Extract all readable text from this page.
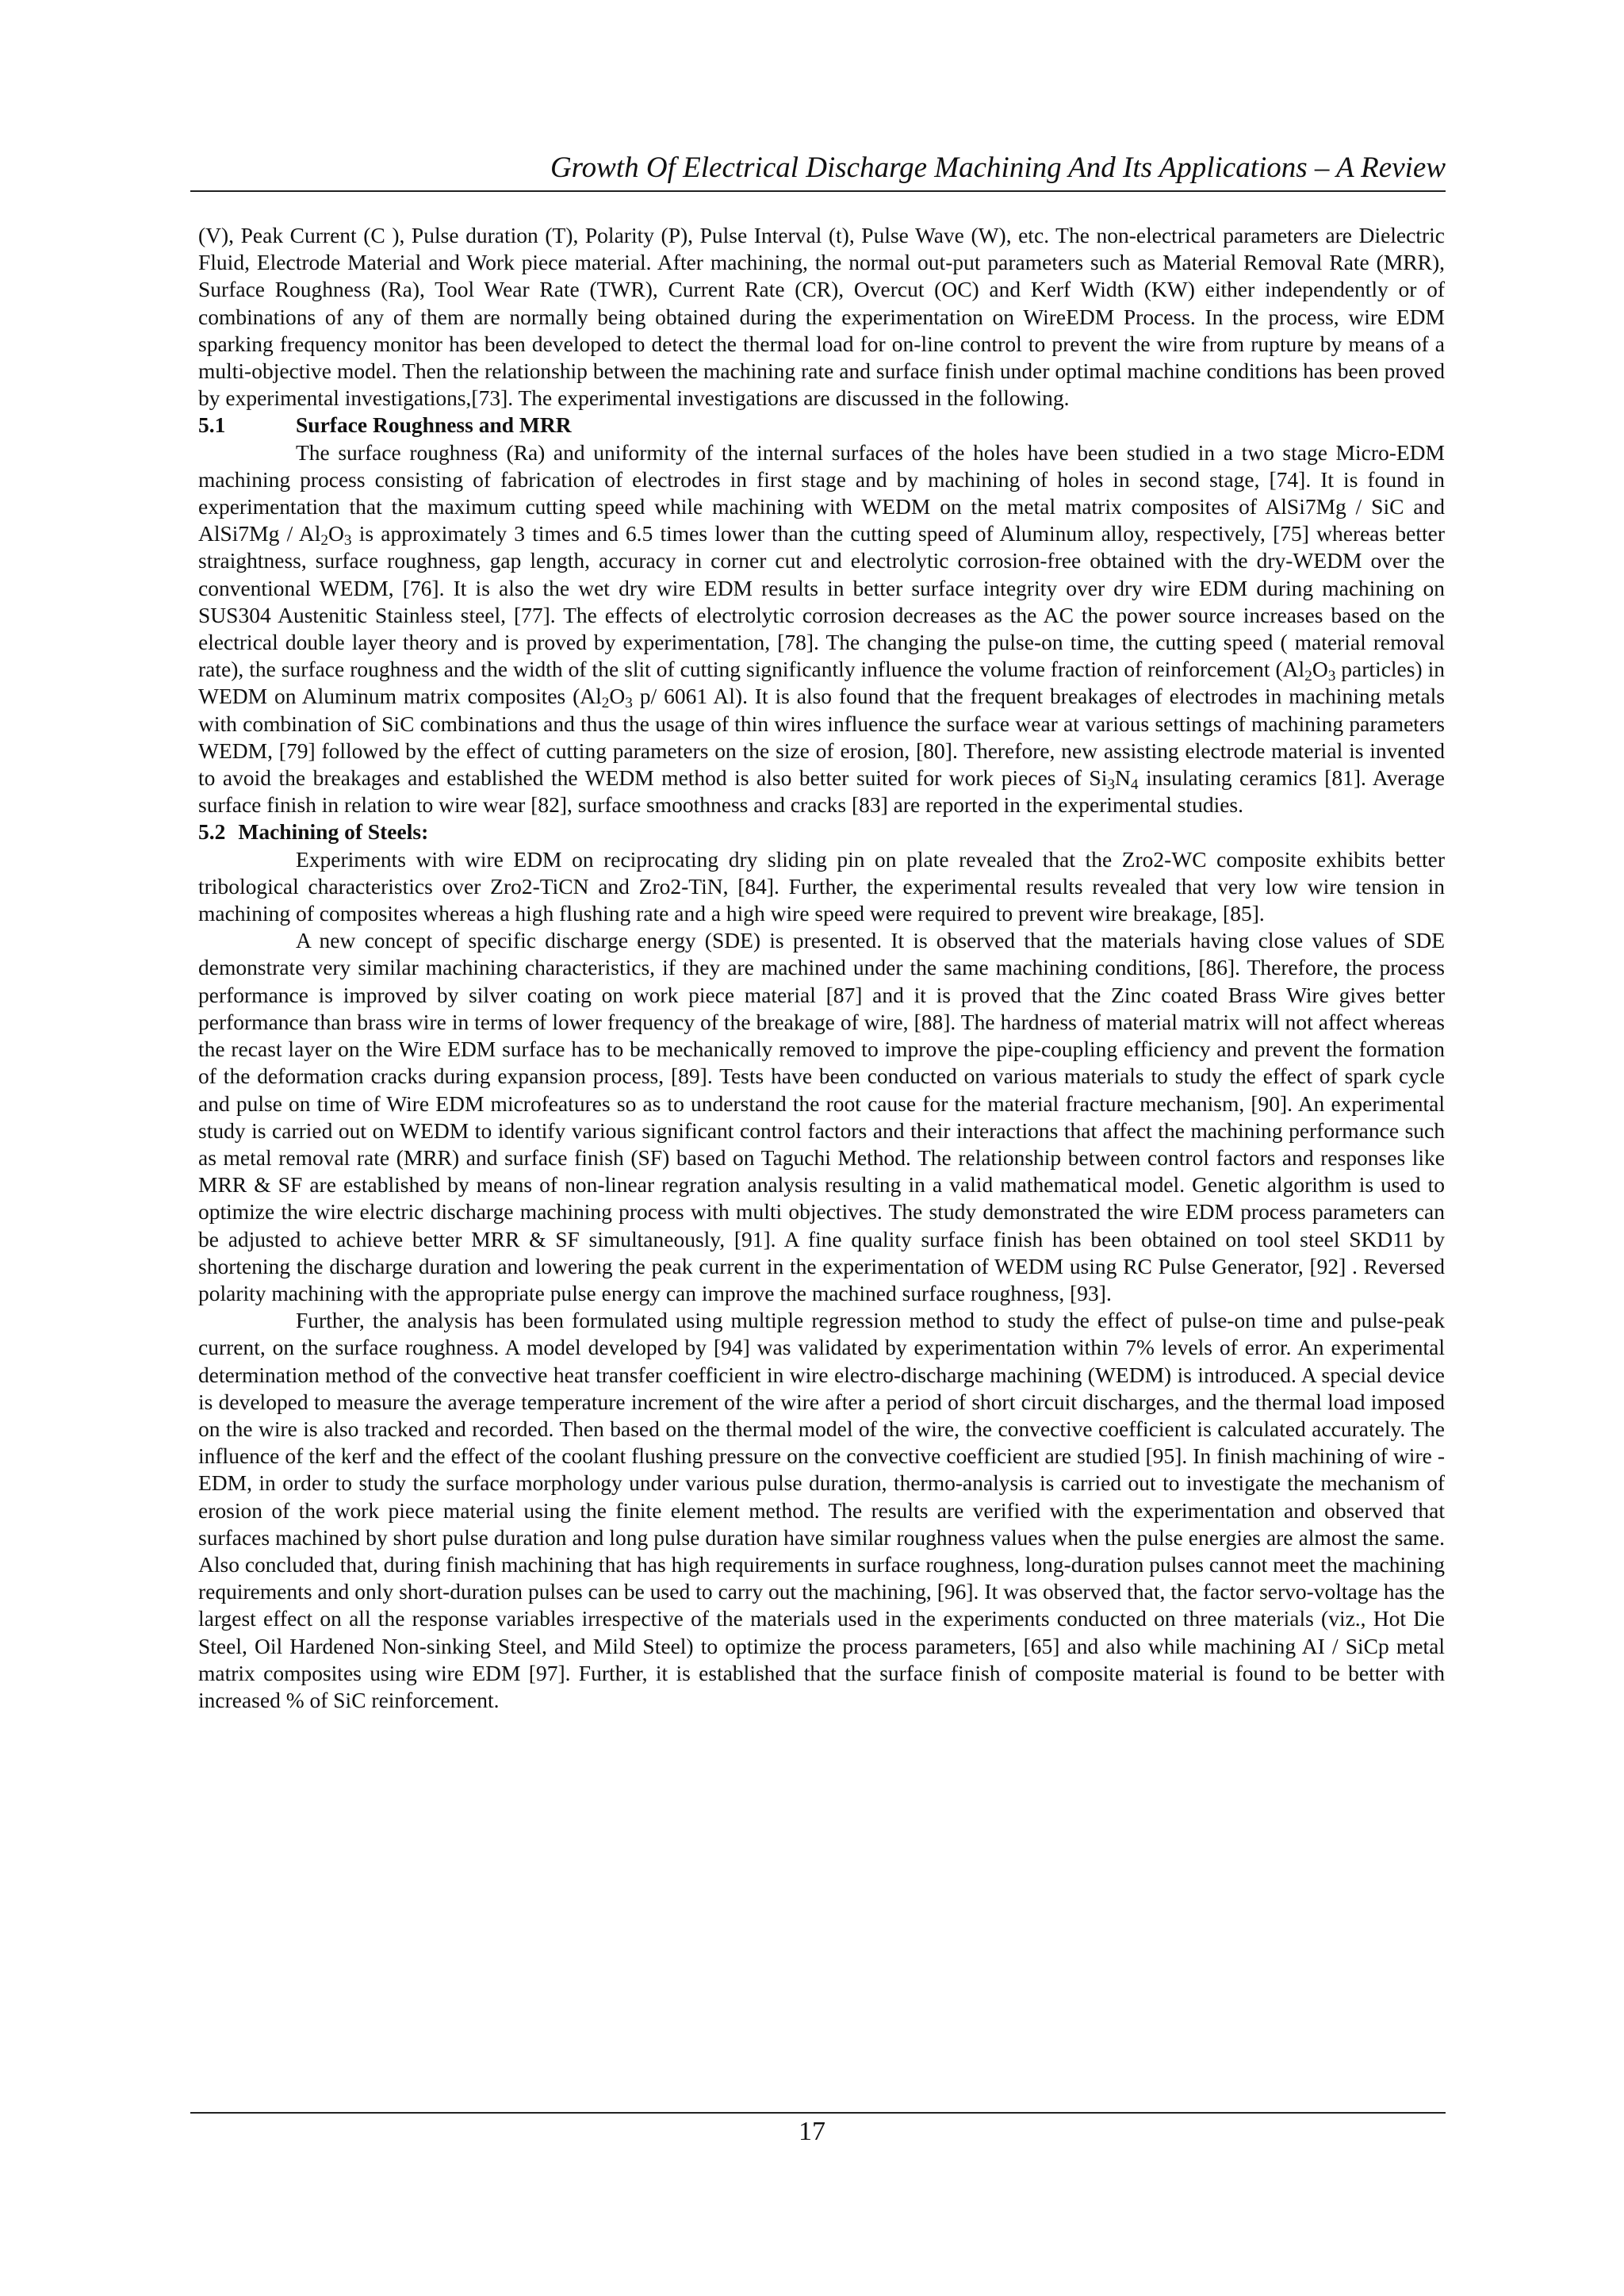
Growth Of Electrical Discharge Machining And Its Applications – A Review

(V), Peak Current (C ), Pulse duration (T), Polarity (P), Pulse Interval (t), Pulse Wave (W), etc. The non-electrical parameters are Dielectric Fluid, Electrode Material and Work piece material. After machining, the normal out-put parameters such as Material Removal Rate (MRR), Surface Roughness (Ra), Tool Wear Rate (TWR), Current Rate (CR), Overcut (OC) and Kerf Width (KW) either independently or of combinations of any of them are normally being obtained during the experimentation on WireEDM Process. In the process, wire EDM sparking frequency monitor has been developed to detect the thermal load for on-line control to prevent the wire from rupture by means of a multi-objective model. Then the relationship between the machining rate and surface finish under optimal machine conditions has been proved by experimental investigations,[73]. The experimental investigations are discussed in the following.

5.1	Surface Roughness and MRR

The surface roughness (Ra) and uniformity of the internal surfaces of the holes have been studied in a two stage Micro-EDM machining process consisting of fabrication of electrodes in first stage and by machining of holes in second stage, [74]. It is found in experimentation that the maximum cutting speed while machining with WEDM on the metal matrix composites of AlSi7Mg / SiC and AlSi7Mg / $Al_2O_3$ is approximately 3 times and 6.5 times lower than the cutting speed of Aluminum alloy, respectively, [75] whereas better straightness, surface roughness, gap length, accuracy in corner cut and electrolytic corrosion-free obtained with the dry-WEDM over the conventional WEDM, [76]. It is also the wet dry wire EDM results in better surface integrity over dry wire EDM during machining on SUS304 Austenitic Stainless steel, [77]. The effects of electrolytic corrosion decreases as the AC the power source increases based on the electrical double layer theory and is proved by experimentation, [78]. The changing the pulse-on time, the cutting speed ( material removal rate), the surface roughness and the width of the slit of cutting significantly influence the volume fraction of reinforcement ($Al_2O_3$ particles) in WEDM on Aluminum matrix composites ($Al_2O_3$ p/ 6061 Al). It is also found that the frequent breakages of electrodes in machining metals with combination of SiC combinations and thus the usage of thin wires influence the surface wear at various settings of machining parameters WEDM, [79] followed by the effect of cutting parameters on the size of erosion, [80]. Therefore, new assisting electrode material is invented to avoid the breakages and established the WEDM method is also better suited for work pieces of $Si_3N_4$ insulating ceramics [81]. Average surface finish in relation to wire wear [82], surface smoothness and cracks [83] are reported in the experimental studies.

5.2 Machining of Steels:

Experiments with wire EDM on reciprocating dry sliding pin on plate revealed that the Zro2-WC composite exhibits better tribological characteristics over Zro2-TiCN and Zro2-TiN, [84]. Further, the experimental results revealed that very low wire tension in machining of composites whereas a high flushing rate and a high wire speed were required to prevent wire breakage, [85].

A new concept of specific discharge energy (SDE) is presented. It is observed that the materials having close values of SDE demonstrate very similar machining characteristics, if they are machined under the same machining conditions, [86]. Therefore, the process performance is improved by silver coating on work piece material [87] and it is proved that the Zinc coated Brass Wire gives better performance than brass wire in terms of lower frequency of the breakage of wire, [88]. The hardness of material matrix will not affect whereas the recast layer on the Wire EDM surface has to be mechanically removed to improve the pipe-coupling efficiency and prevent the formation of the deformation cracks during expansion process, [89]. Tests have been conducted on various materials to study the effect of spark cycle and pulse on time of Wire EDM microfeatures so as to understand the root cause for the material fracture mechanism, [90]. An experimental study is carried out on WEDM to identify various significant control factors and their interactions that affect the machining performance such as metal removal rate (MRR) and surface finish (SF) based on Taguchi Method. The relationship between control factors and responses like MRR & SF are established by means of non-linear regration analysis resulting in a valid mathematical model. Genetic algorithm is used to optimize the wire electric discharge machining process with multi objectives. The study demonstrated the wire EDM process parameters can be adjusted to achieve better MRR & SF simultaneously, [91]. A fine quality surface finish has been obtained on tool steel SKD11 by shortening the discharge duration and lowering the peak current in the experimentation of WEDM using RC Pulse Generator, [92] . Reversed polarity machining with the appropriate pulse energy can improve the machined surface roughness, [93].

Further, the analysis has been formulated using multiple regression method to study the effect of pulse-on time and pulse-peak current, on the surface roughness. A model developed by [94] was validated by experimentation within 7% levels of error. An experimental determination method of the convective heat transfer coefficient in wire electro-discharge machining (WEDM) is introduced. A special device is developed to measure the average temperature increment of the wire after a period of short circuit discharges, and the thermal load imposed on the wire is also tracked and recorded. Then based on the thermal model of the wire, the convective coefficient is calculated accurately. The influence of the kerf and the effect of the coolant flushing pressure on the convective coefficient are studied [95]. In finish machining of wire -EDM, in order to study the surface morphology under various pulse duration, thermo-analysis is carried out to investigate the mechanism of erosion of the work piece material using the finite element method. The results are verified with the experimentation and observed that surfaces machined by short pulse duration and long pulse duration have similar roughness values when the pulse energies are almost the same. Also concluded that, during finish machining that has high requirements in surface roughness, long-duration pulses cannot meet the machining requirements and only short-duration pulses can be used to carry out the machining, [96]. It was observed that, the factor servo-voltage has the largest effect on all the response variables irrespective of the materials used in the experiments conducted on three materials (viz., Hot Die Steel, Oil Hardened Non-sinking Steel, and Mild Steel) to optimize the process parameters, [65] and also while machining AI / SiCp metal matrix composites using wire EDM [97]. Further, it is established that the surface finish of composite material is found to be better with increased % of SiC reinforcement.

17
